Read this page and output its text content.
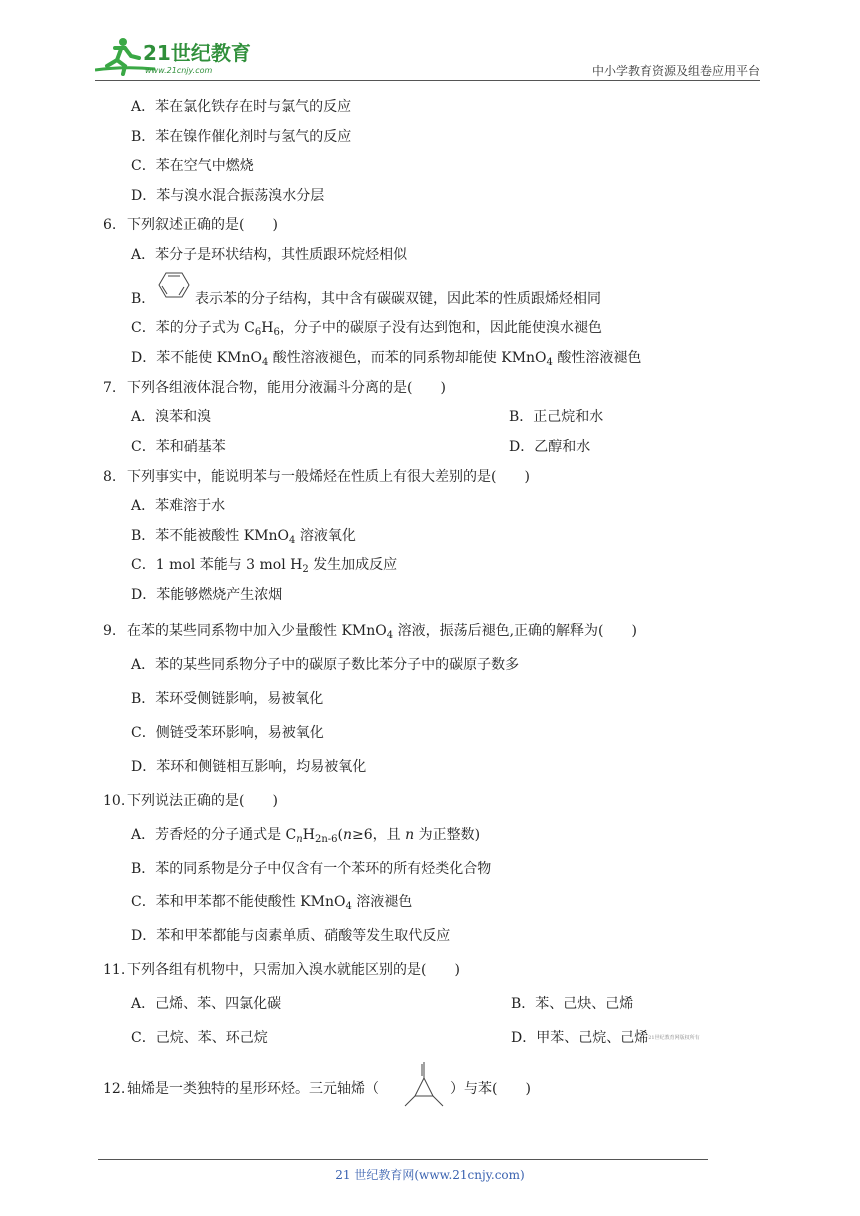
21世纪教育
www.21cnjy.com	中小学教育资源及组卷应用平台
A．苯在氯化铁存在时与氯气的反应
B．苯在镍作催化剂时与氢气的反应
C．苯在空气中燃烧
D．苯与溴水混合振荡溴水分层
6. 下列叙述正确的是(　　)
A．苯分子是环状结构，其性质跟环烷烃相似
B．	表示苯的分子结构，其中含有碳碳双键，因此苯的性质跟烯烃相同
C．苯的分子式为 $C_6H_6$，分子中的碳原子没有达到饱和，因此能使溴水褪色
D．苯不能使 KMnO$_4$ 酸性溶液褪色，而苯的同系物却能使 KMnO$_4$ 酸性溶液褪色
7. 下列各组液体混合物，能用分液漏斗分离的是(　　)
A．溴苯和溴	B．正己烷和水
C．苯和硝基苯	D．乙醇和水
8. 下列事实中，能说明苯与一般烯烃在性质上有很大差别的是(　　)
A．苯难溶于水
B．苯不能被酸性 KMnO$_4$ 溶液氧化
C．1 mol 苯能与 3 mol $H_2$ 发生加成反应
D．苯能够燃烧产生浓烟
9. 在苯的某些同系物中加入少量酸性 KMnO$_4$ 溶液，振荡后褪色,正确的解释为(　　)
A．苯的某些同系物分子中的碳原子数比苯分子中的碳原子数多
B．苯环受侧链影响，易被氧化
C．侧链受苯环影响，易被氧化
D．苯环和侧链相互影响，均易被氧化
10. 下列说法正确的是(　　)
A．芳香烃的分子通式是 $C_nH_{2n-6}(n\ge 6$，且 n 为正整数)
B．苯的同系物是分子中仅含有一个苯环的所有烃类化合物
C．苯和甲苯都不能使酸性 KMnO$_4$ 溶液褪色
D．苯和甲苯都能与卤素单质、硝酸等发生取代反应
11. 下列各组有机物中，只需加入溴水就能区别的是(　　)
A．己烯、苯、四氯化碳	B．苯、己炔、己烯
C．己烷、苯、环己烷	D．甲苯、己烷、己烯21世纪教育网版权所有
12. 轴烯是一类独特的星形环烃。三元轴烯（	）与苯(　　)
21 世纪教育网(www.21cnjy.com)
